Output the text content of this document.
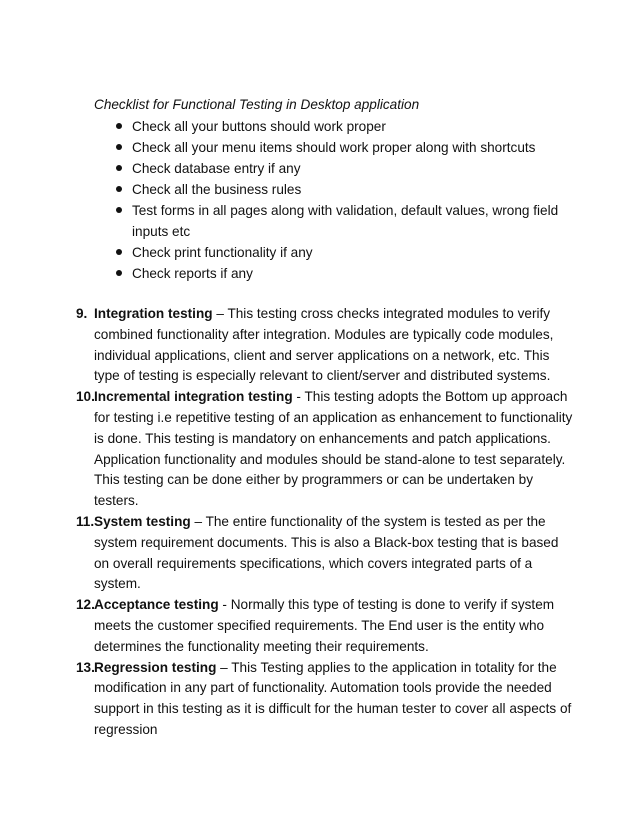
Checklist for Functional Testing in Desktop application

Check all your buttons should work proper
Check all your menu items should work proper along with shortcuts
Check database entry if any
Check all the business rules
Test forms in all pages along with validation, default values, wrong field inputs etc
Check print functionality if any
Check reports if any
9. Integration testing – This testing cross checks integrated modules to verify combined functionality after integration. Modules are typically code modules, individual applications, client and server applications on a network, etc. This type of testing is especially relevant to client/server and distributed systems.
10. Incremental integration testing - This testing adopts the Bottom up approach for testing i.e repetitive testing of an application as enhancement to functionality is done. This testing is mandatory on enhancements and patch applications. Application functionality and modules should be stand-alone to test separately. This testing can be done either by programmers or can be undertaken by testers.
11. System testing – The entire functionality of the system is tested as per the system requirement documents. This is also a Black-box testing that is based on overall requirements specifications, which covers integrated parts of a system.
12. Acceptance testing - Normally this type of testing is done to verify if system meets the customer specified requirements. The End user is the entity who determines the functionality meeting their requirements.
13. Regression testing – This Testing applies to the application in totality for the modification in any part of functionality. Automation tools provide the needed support in this testing as it is difficult for the human tester to cover all aspects of regression
